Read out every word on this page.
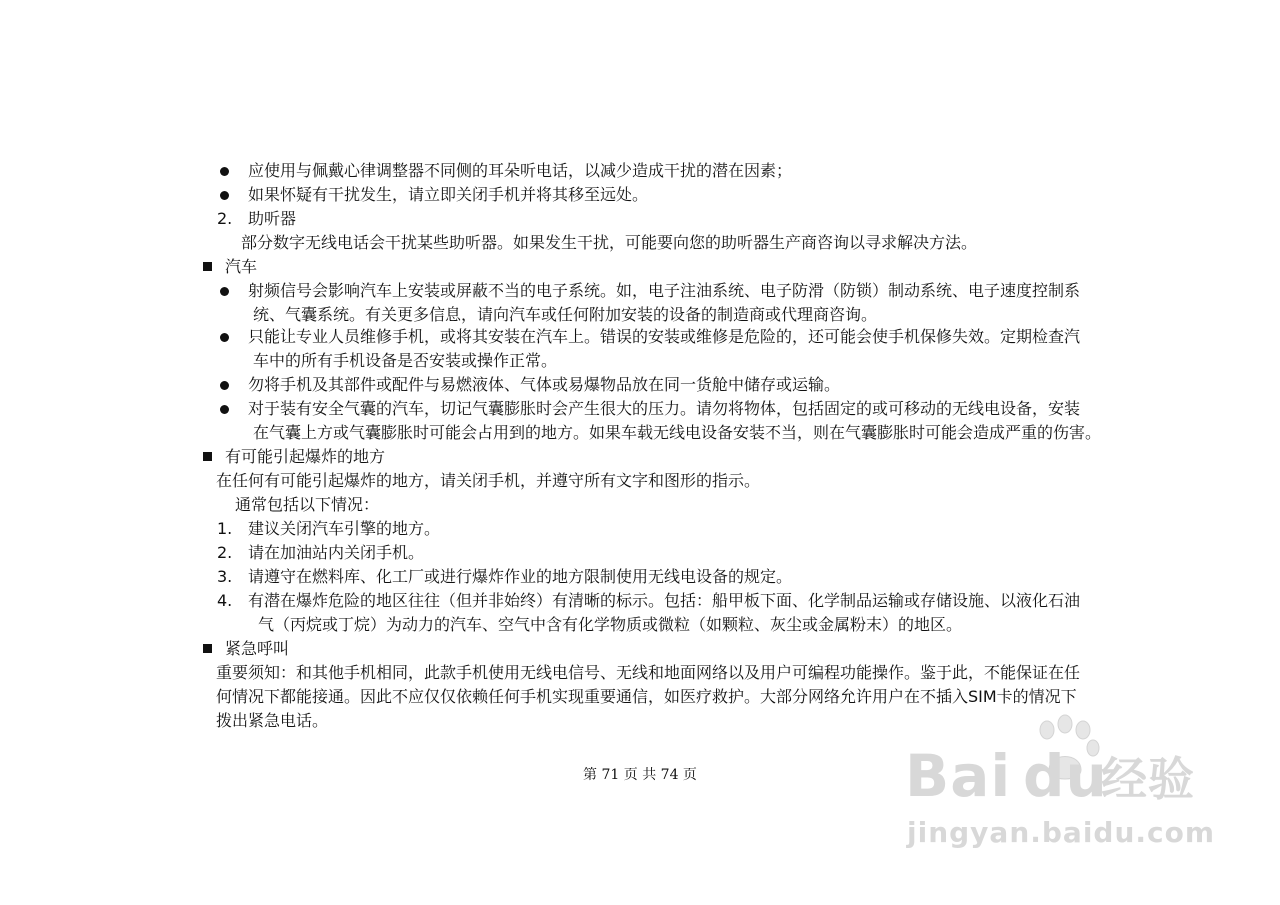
应使用与佩戴心律调整器不同侧的耳朵听电话，以减少造成干扰的潜在因素；
如果怀疑有干扰发生，请立即关闭手机并将其移至远处。
2. 助听器
部分数字无线电话会干扰某些助听器。如果发生干扰，可能要向您的助听器生产商咨询以寻求解决方法。
汽车
射频信号会影响汽车上安装或屏蔽不当的电子系统。如，电子注油系统、电子防滑（防锁）制动系统、电子速度控制系
统、气囊系统。有关更多信息，请向汽车或任何附加安装的设备的制造商或代理商咨询。
只能让专业人员维修手机，或将其安装在汽车上。错误的安装或维修是危险的，还可能会使手机保修失效。定期检查汽
车中的所有手机设备是否安装或操作正常。
勿将手机及其部件或配件与易燃液体、气体或易爆物品放在同一货舱中储存或运输。
对于装有安全气囊的汽车，切记气囊膨胀时会产生很大的压力。请勿将物体，包括固定的或可移动的无线电设备，安装
在气囊上方或气囊膨胀时可能会占用到的地方。如果车载无线电设备安装不当，则在气囊膨胀时可能会造成严重的伤害。
有可能引起爆炸的地方
在任何有可能引起爆炸的地方，请关闭手机，并遵守所有文字和图形的指示。
通常包括以下情况：
1. 建议关闭汽车引擎的地方。
2. 请在加油站内关闭手机。
3. 请遵守在燃料库、化工厂或进行爆炸作业的地方限制使用无线电设备的规定。
4. 有潜在爆炸危险的地区往往（但并非始终）有清晰的标示。包括：船甲板下面、化学制品运输或存储设施、以液化石油
气（丙烷或丁烷）为动力的汽车、空气中含有化学物质或微粒（如颗粒、灰尘或金属粉末）的地区。
紧急呼叫
重要须知：和其他手机相同，此款手机使用无线电信号、无线和地面网络以及用户可编程功能操作。鉴于此，不能保证在任
何情况下都能接通。因此不应仅仅依赖任何手机实现重要通信，如医疗救护。大部分网络允许用户在不插入SIM卡的情况下
拨出紧急电话。
第 71 页 共 74 页	Bai du
经验
jingyan.baidu.com
